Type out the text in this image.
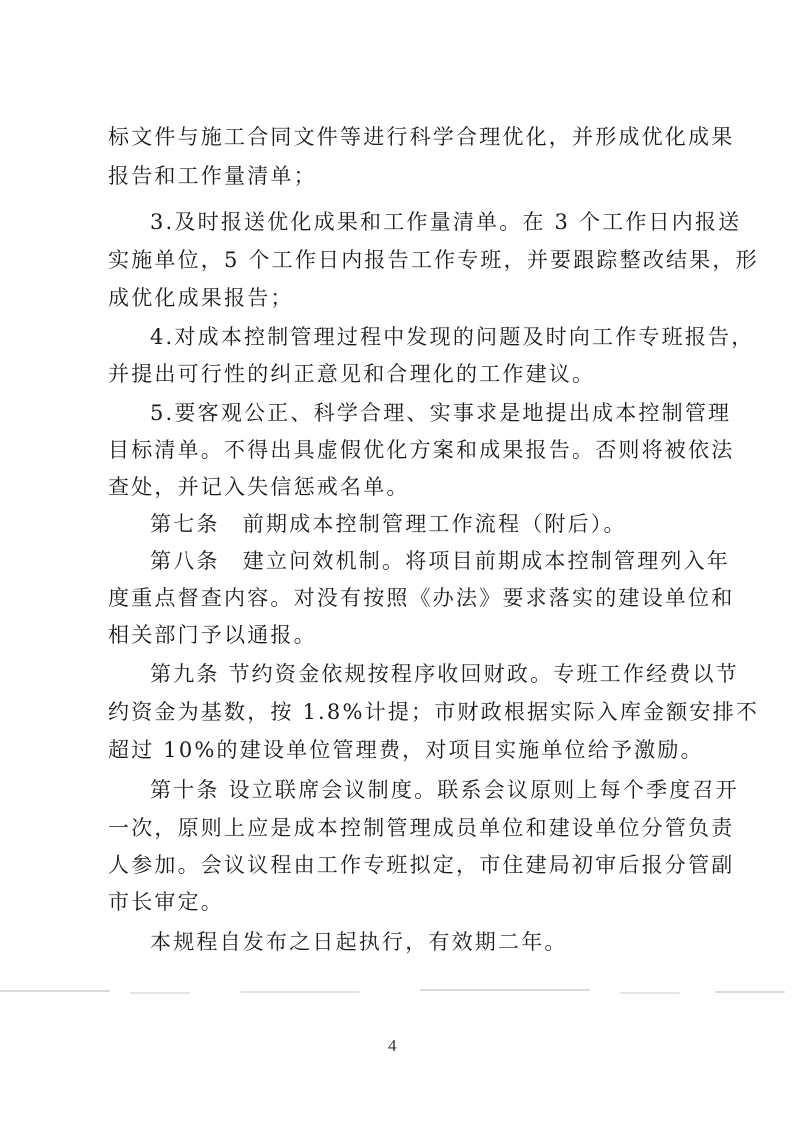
标文件与施工合同文件等进行科学合理优化，并形成优化成果
报告和工作量清单；
3.及时报送优化成果和工作量清单。在 3 个工作日内报送
实施单位，5 个工作日内报告工作专班，并要跟踪整改结果，形
成优化成果报告；
4.对成本控制管理过程中发现的问题及时向工作专班报告，
并提出可行性的纠正意见和合理化的工作建议。
5.要客观公正、科学合理、实事求是地提出成本控制管理
目标清单。不得出具虚假优化方案和成果报告。否则将被依法
查处，并记入失信惩戒名单。
第七条　前期成本控制管理工作流程（附后）。
第八条　建立问效机制。将项目前期成本控制管理列入年
度重点督查内容。对没有按照《办法》要求落实的建设单位和
相关部门予以通报。
第九条 节约资金依规按程序收回财政。专班工作经费以节
约资金为基数，按 1.8%计提；市财政根据实际入库金额安排不
超过 10%的建设单位管理费，对项目实施单位给予激励。
第十条 设立联席会议制度。联系会议原则上每个季度召开
一次，原则上应是成本控制管理成员单位和建设单位分管负责
人参加。会议议程由工作专班拟定，市住建局初审后报分管副
市长审定。
本规程自发布之日起执行，有效期二年。
4
